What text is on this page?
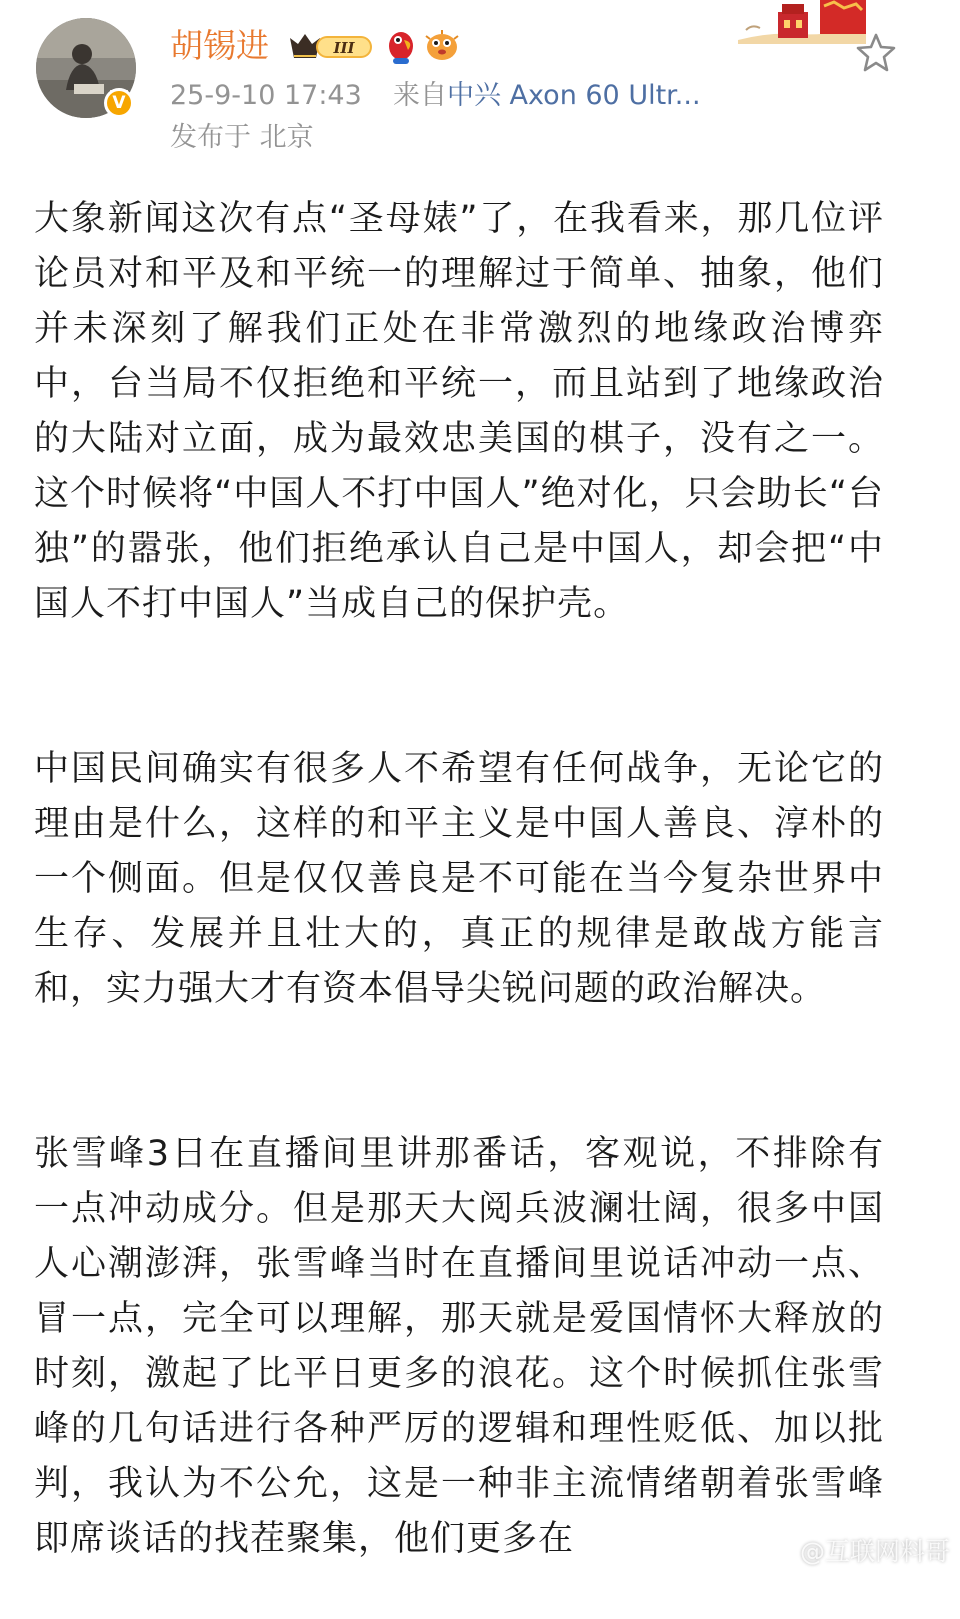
V
胡锡进	III
25-9-10 17:43 来自中兴 Axon 60 Ultr...
发布于 北京

大象新闻这次有点“圣母婊”了，在我看来，那几位评论员对和平及和平统一的理解过于简单、抽象，他们并未深刻了解我们正处在非常激烈的地缘政治博弈中，台当局不仅拒绝和平统一，而且站到了地缘政治的大陆对立面，成为最效忠美国的棋子，没有之一。这个时候将“中国人不打中国人”绝对化，只会助长“台独”的嚣张，他们拒绝承认自己是中国人，却会把“中国人不打中国人”当成自己的保护壳。

中国民间确实有很多人不希望有任何战争，无论它的理由是什么，这样的和平主义是中国人善良、淳朴的一个侧面。但是仅仅善良是不可能在当今复杂世界中生存、发展并且壮大的，真正的规律是敢战方能言和，实力强大才有资本倡导尖锐问题的政治解决。

张雪峰3日在直播间里讲那番话，客观说，不排除有一点冲动成分。但是那天大阅兵波澜壮阔，很多中国人心潮澎湃，张雪峰当时在直播间里说话冲动一点、冒一点，完全可以理解，那天就是爱国情怀大释放的时刻，激起了比平日更多的浪花。这个时候抓住张雪峰的几句话进行各种严厉的逻辑和理性贬低、加以批判，我认为不公允，这是一种非主流情绪朝着张雪峰即席谈话的找茬聚集，他们更多在	@互联网料哥
